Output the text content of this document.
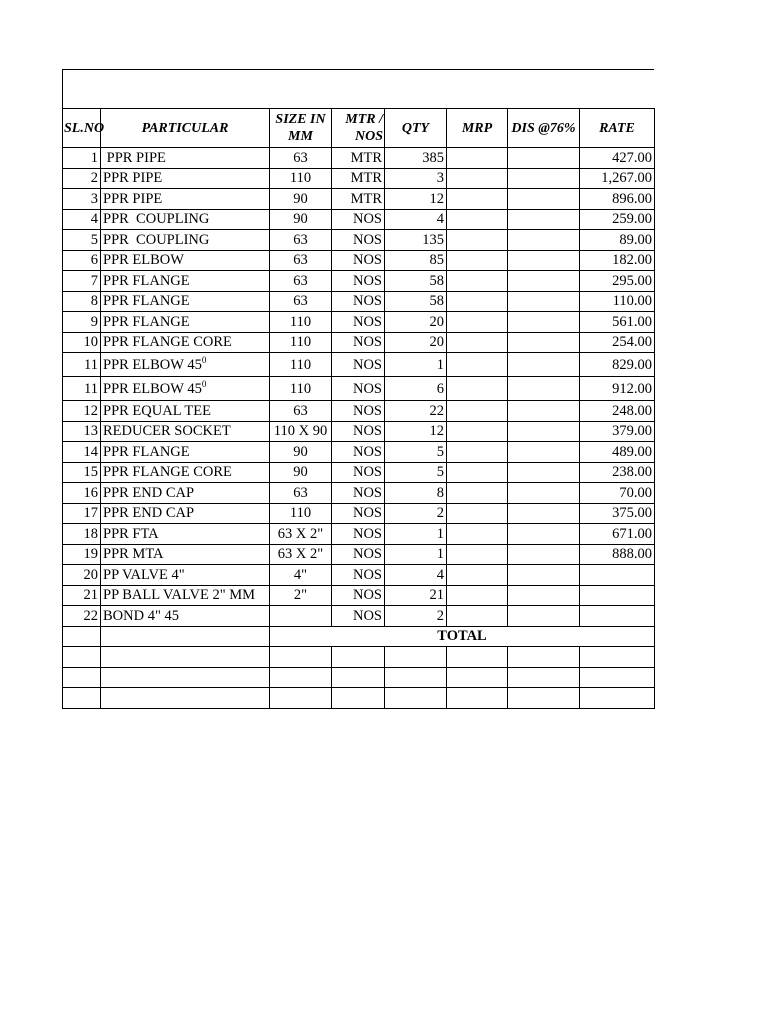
SL.NO	PARTICULAR	SIZE IN MM	MTR / NOS	QTY	MRP	DIS @76%	RATE
1	PPR PIPE	63	MTR	385			427.00
2	PPR PIPE	110	MTR	3			1,267.00
3	PPR PIPE	90	MTR	12			896.00
4	PPR  COUPLING	90	NOS	4			259.00
5	PPR  COUPLING	63	NOS	135			89.00
6	PPR ELBOW	63	NOS	85			182.00
7	PPR FLANGE	63	NOS	58			295.00
8	PPR FLANGE	63	NOS	58			110.00
9	PPR FLANGE	110	NOS	20			561.00
10	PPR FLANGE CORE	110	NOS	20			254.00
11	PPR ELBOW $45^0$	110	NOS	1			829.00
11	PPR ELBOW $45^0$	110	NOS	6			912.00
12	PPR EQUAL TEE	63	NOS	22			248.00
13	REDUCER SOCKET	110 X 90	NOS	12			379.00
14	PPR FLANGE	90	NOS	5			489.00
15	PPR FLANGE CORE	90	NOS	5			238.00
16	PPR END CAP	63	NOS	8			70.00
17	PPR END CAP	110	NOS	2			375.00
18	PPR FTA	63 X 2"	NOS	1			671.00
19	PPR MTA	63 X 2"	NOS	1			888.00
20	PP VALVE 4"	4"	NOS	4			
21	PP BALL VALVE 2" MM	2"	NOS	21			
22	BOND 4" 45		NOS	2			
		TOTAL					
